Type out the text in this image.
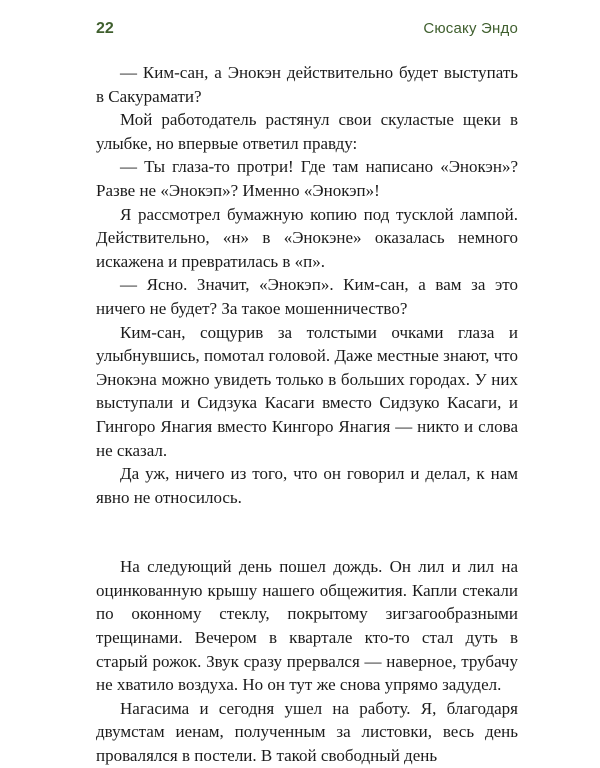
22	Сюсаку Эндо

— Ким-сан, а Энокэн действительно будет выступать в Сакурамати?

Мой работодатель растянул свои скуластые щеки в улыбке, но впервые ответил правду:

— Ты глаза-то протри! Где там написано «Энокэн»? Разве не «Энокэп»? Именно «Энокэп»!

Я рассмотрел бумажную копию под тусклой лампой. Действительно, «н» в «Энокэне» оказалась немного искажена и превратилась в «п».

— Ясно. Значит, «Энокэп». Ким-сан, а вам за это ничего не будет? За такое мошенничество?

Ким-сан, сощурив за толстыми очками глаза и улыбнувшись, помотал головой. Даже местные знают, что Энокэна можно увидеть только в больших городах. У них выступали и Сидзука Касаги вместо Сидзуко Касаги, и Гингоро Янагия вместо Кингоро Янагия — никто и слова не сказал.

Да уж, ничего из того, что он говорил и делал, к нам явно не относилось.

На следующий день пошел дождь. Он лил и лил на оцинкованную крышу нашего общежития. Капли стекали по оконному стеклу, покрытому зигзагообразными трещинами. Вечером в квартале кто-то стал дуть в старый рожок. Звук сразу прервался — наверное, трубачу не хватило воздуха. Но он тут же снова упрямо задудел.

Нагасима и сегодня ушел на работу. Я, благодаря двумстам иенам, полученным за листовки, весь день провалялся в постели. В такой свободный день
